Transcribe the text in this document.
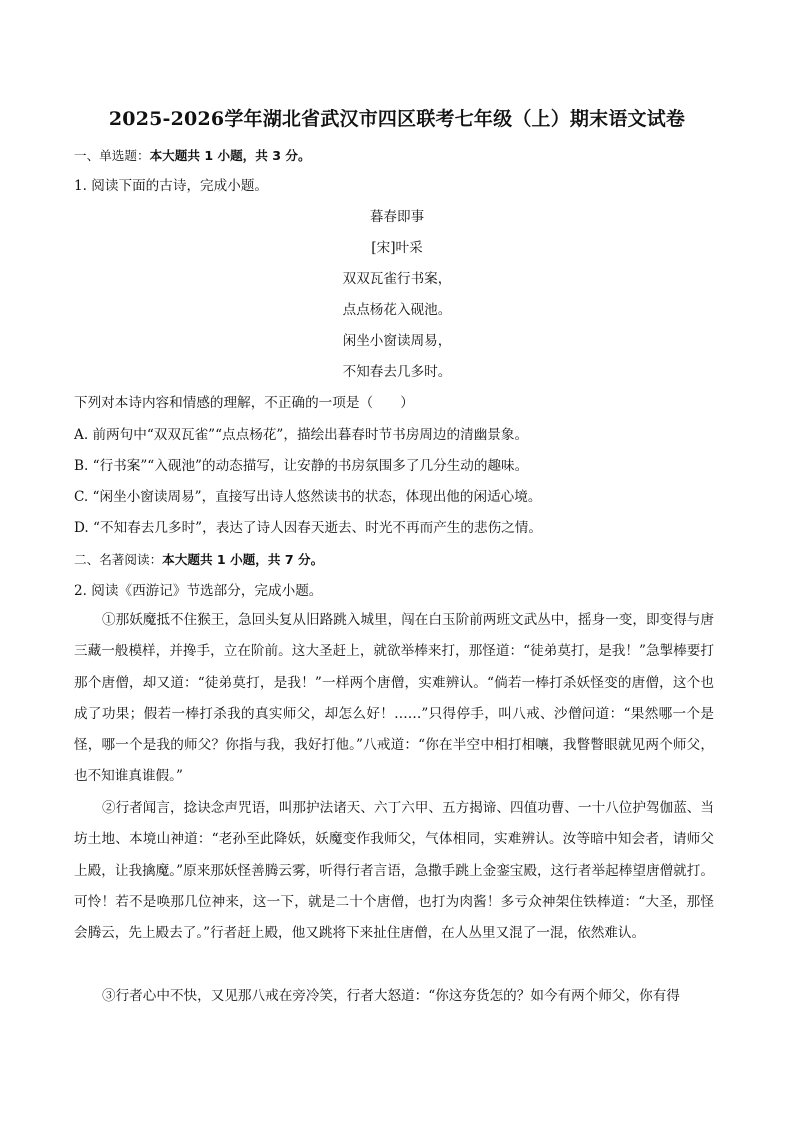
2025-2026学年湖北省武汉市四区联考七年级（上）期末语文试卷
一、单选题：本大题共 1 小题，共 3 分。
1. 阅读下面的古诗，完成小题。
暮春即事
[宋]叶采
双双瓦雀行书案，
点点杨花入砚池。
闲坐小窗读周易，
不知春去几多时。
下列对本诗内容和情感的理解，不正确的一项是（　　）
A. 前两句中“双双瓦雀”“点点杨花”，描绘出暮春时节书房周边的清幽景象。
B. “行书案”“入砚池”的动态描写，让安静的书房氛围多了几分生动的趣味。
C. “闲坐小窗读周易”，直接写出诗人悠然读书的状态，体现出他的闲适心境。
D. “不知春去几多时”，表达了诗人因春天逝去、时光不再而产生的悲伤之情。
二、名著阅读：本大题共 1 小题，共 7 分。
2. 阅读《西游记》节选部分，完成小题。
①那妖魔抵不住猴王，急回头复从旧路跳入城里，闯在白玉阶前两班文武丛中，摇身一变，即变得与唐三藏一般模样，并搀手，立在阶前。这大圣赶上，就欲举棒来打，那怪道：“徒弟莫打，是我！”急掣棒要打那个唐僧，却又道：“徒弟莫打，是我！”一样两个唐僧，实难辨认。“倘若一棒打杀妖怪变的唐僧，这个也成了功果；假若一棒打杀我的真实师父，却怎么好！……”只得停手，叫八戒、沙僧问道：“果然哪一个是怪，哪一个是我的师父？你指与我，我好打他。”八戒道：“你在半空中相打相嚷，我瞥瞥眼就见两个师父，也不知谁真谁假。”
②行者闻言，捻诀念声咒语，叫那护法诸天、六丁六甲、五方揭谛、四值功曹、一十八位护驾伽蓝、当坊土地、本境山神道：“老孙至此降妖，妖魔变作我师父，气体相同，实难辨认。汝等暗中知会者，请师父上殿，让我擒魔。”原来那妖怪善腾云雾，听得行者言语，急撒手跳上金銮宝殿，这行者举起棒望唐僧就打。可怜！若不是唤那几位神来，这一下，就是二十个唐僧，也打为肉酱！多亏众神架住铁棒道：“大圣，那怪会腾云，先上殿去了。”行者赶上殿，他又跳将下来扯住唐僧，在人丛里又混了一混，依然难认。
③行者心中不快，又见那八戒在旁冷笑，行者大怒道：“你这夯货怎的？如今有两个师父，你有得
